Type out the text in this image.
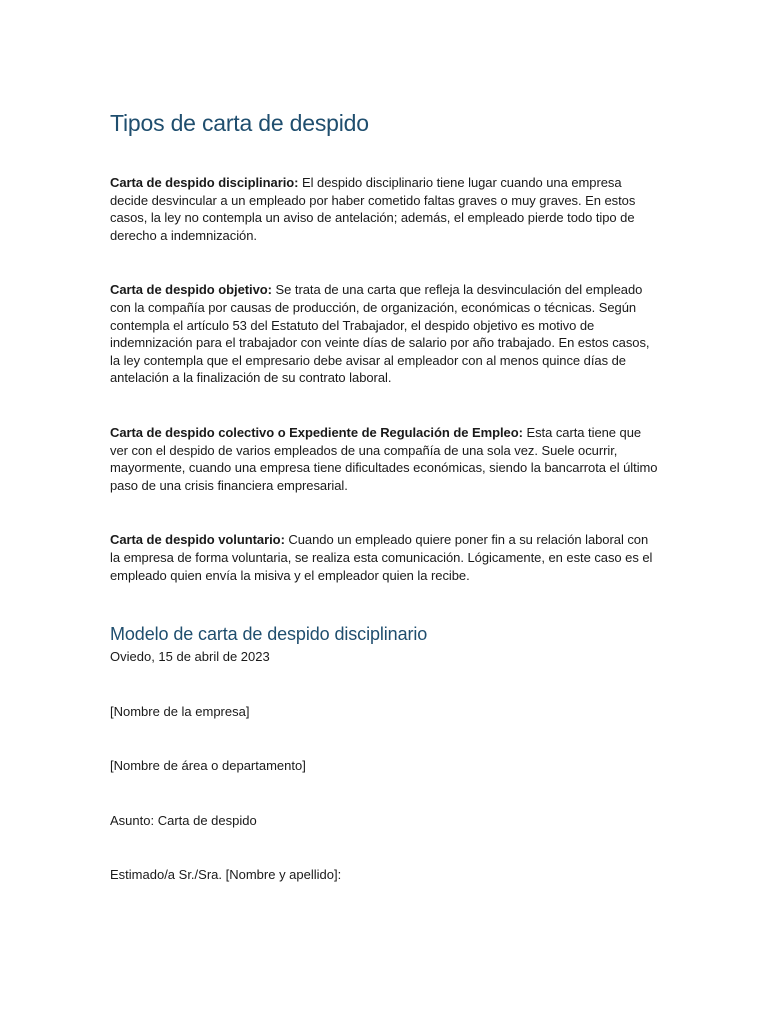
Tipos de carta de despido

Carta de despido disciplinario: El despido disciplinario tiene lugar cuando una empresa decide desvincular a un empleado por haber cometido faltas graves o muy graves. En estos casos, la ley no contempla un aviso de antelación; además, el empleado pierde todo tipo de derecho a indemnización.

Carta de despido objetivo: Se trata de una carta que refleja la desvinculación del empleado con la compañía por causas de producción, de organización, económicas o técnicas. Según contempla el artículo 53 del Estatuto del Trabajador, el despido objetivo es motivo de indemnización para el trabajador con veinte días de salario por año trabajado. En estos casos, la ley contempla que el empresario debe avisar al empleador con al menos quince días de antelación a la finalización de su contrato laboral.

Carta de despido colectivo o Expediente de Regulación de Empleo: Esta carta tiene que ver con el despido de varios empleados de una compañía de una sola vez. Suele ocurrir, mayormente, cuando una empresa tiene dificultades económicas, siendo la bancarrota el último paso de una crisis financiera empresarial.

Carta de despido voluntario: Cuando un empleado quiere poner fin a su relación laboral con la empresa de forma voluntaria, se realiza esta comunicación. Lógicamente, en este caso es el empleado quien envía la misiva y el empleador quien la recibe.

Modelo de carta de despido disciplinario

Oviedo, 15 de abril de 2023

[Nombre de la empresa]

[Nombre de área o departamento]

Asunto: Carta de despido

Estimado/a Sr./Sra. [Nombre y apellido]:
